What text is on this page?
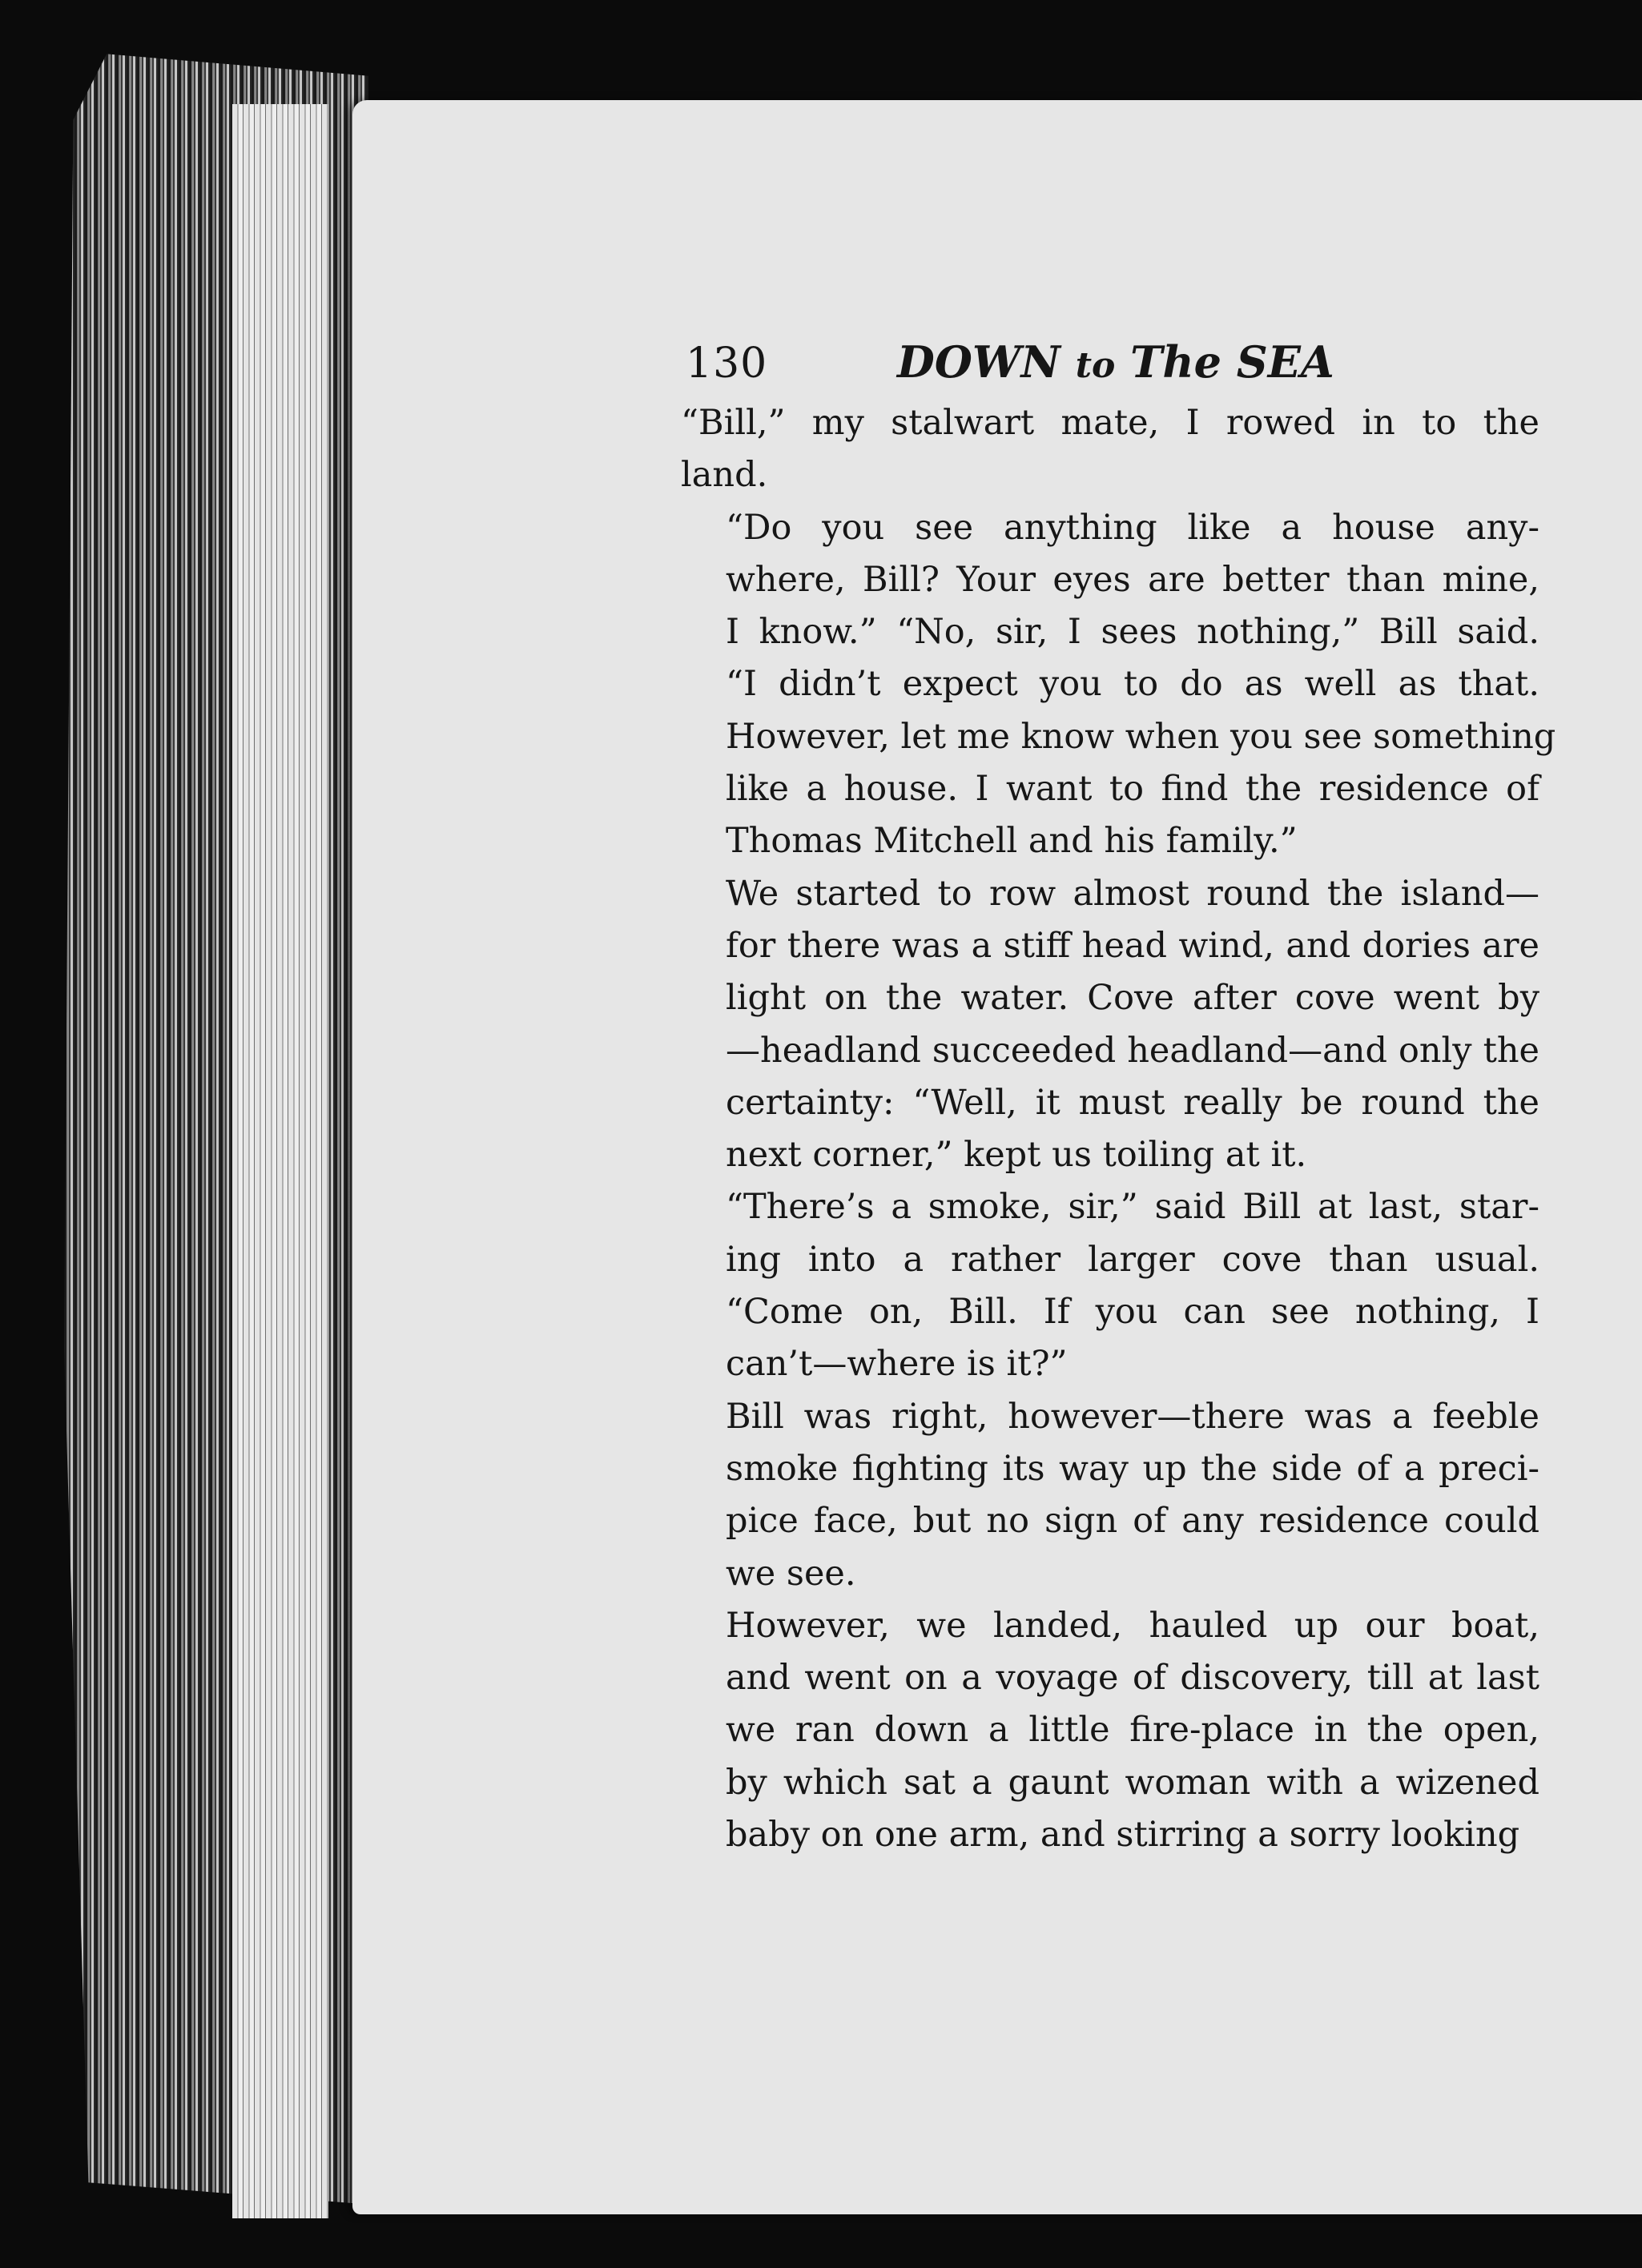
130	DOWN to The SEA

“Bill,” my stalwart mate, I rowed in to the
land.

“Do you see anything like a house any-
where, Bill? Your eyes are better than mine,
I know.” “No, sir, I sees nothing,” Bill said.
“I didn’t expect you to do as well as that.
However, let me know when you see something
like a house. I want to find the residence of
Thomas Mitchell and his family.”

We started to row almost round the island—
for there was a stiff head wind, and dories are
light on the water. Cove after cove went by
—headland succeeded headland—and only the
certainty: “Well, it must really be round the
next corner,” kept us toiling at it.

“There’s a smoke, sir,” said Bill at last, star-
ing into a rather larger cove than usual.
“Come on, Bill. If you can see nothing, I
can’t—where is it?”

Bill was right, however—there was a feeble
smoke fighting its way up the side of a preci-
pice face, but no sign of any residence could
we see.

However, we landed, hauled up our boat,
and went on a voyage of discovery, till at last
we ran down a little fire-place in the open,
by which sat a gaunt woman with a wizened
baby on one arm, and stirring a sorry looking
